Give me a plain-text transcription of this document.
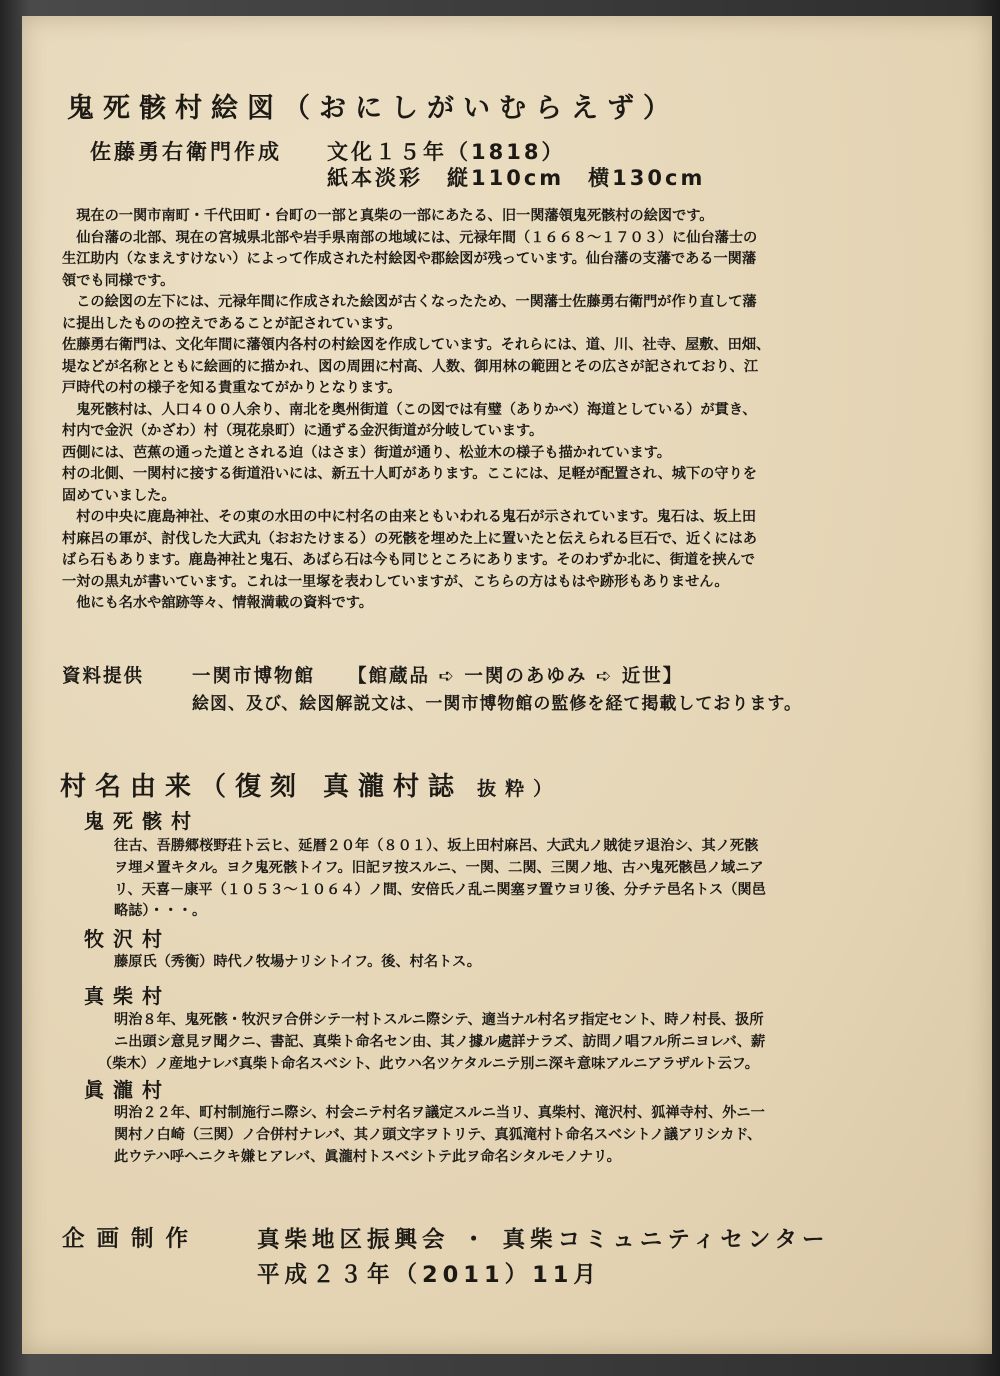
鬼死骸村絵図（おにしがいむらえず）
佐藤勇右衛門作成 文化１５年（1818）
紙本淡彩　縦110cm　横130cm

　現在の一関市南町・千代田町・台町の一部と真柴の一部にあたる、旧一関藩領鬼死骸村の絵図です。

　仙台藩の北部、現在の宮城県北部や岩手県南部の地域には、元禄年間（１６６８～１７０３）に仙台藩士の

生江助内（なまえすけない）によって作成された村絵図や郡絵図が残っています。仙台藩の支藩である一関藩

領でも同様です。

　この絵図の左下には、元禄年間に作成された絵図が古くなったため、一関藩士佐藤勇右衛門が作り直して藩

に提出したものの控えであることが記されています。

佐藤勇右衛門は、文化年間に藩領内各村の村絵図を作成しています。それらには、道、川、社寺、屋敷、田畑、

堤などが名称とともに絵画的に描かれ、図の周囲に村高、人数、御用林の範囲とその広さが記されており、江

戸時代の村の様子を知る貴重なてがかりとなります。

　鬼死骸村は、人口４００人余り、南北を奥州街道（この図では有璧（ありかべ）海道としている）が貫き、

村内で金沢（かざわ）村（現花泉町）に通ずる金沢街道が分岐しています。

西側には、芭蕉の通った道とされる迫（はさま）街道が通り、松並木の様子も描かれています。

村の北側、一関村に接する街道沿いには、新五十人町があります。ここには、足軽が配置され、城下の守りを

固めていました。

　村の中央に鹿島神社、その東の水田の中に村名の由来ともいわれる鬼石が示されています。鬼石は、坂上田

村麻呂の軍が、討伐した大武丸（おおたけまる）の死骸を埋めた上に置いたと伝えられる巨石で、近くにはあ

ばら石もあります。鹿島神社と鬼石、あばら石は今も同じところにあります。そのわずか北に、街道を挟んで

一対の黒丸が書いています。これは一里塚を表わしていますが、こちらの方はもはや跡形もありません。

　他にも名水や舘跡等々、情報満載の資料です。

資料提供	一関市博物館 【館蔵品 ➪ 一関のあゆみ ➪ 近世】
絵図、及び、絵図解説文は、一関市博物館の監修を経て掲載しております。
村名由来（復刻 真瀧村誌 抜粋）
鬼死骸村

往古、吾勝郷桜野荘ト云ヒ、延暦２０年（８０１）、坂上田村麻呂、大武丸ノ賊徒ヲ退治シ、其ノ死骸

ヲ埋メ置キタル。ヨク鬼死骸トイフ。旧記ヲ按スルニ、一関、二関、三関ノ地、古ハ鬼死骸邑ノ域ニア

リ、天喜－康平（１０５３～１０６４）ノ間、安倍氏ノ乱ニ関塞ヲ置ウヨリ後、分チテ邑名トス（関邑

略誌）・・・。

牧沢村

藤原氏（秀衡）時代ノ牧場ナリシトイフ。後、村名トス。

真柴村

明治８年、鬼死骸・牧沢ヲ合併シテ一村トスルニ際シテ、適当ナル村名ヲ指定セント、時ノ村長、扱所

ニ出頭シ意見ヲ聞クニ、書記、真柴ト命名セン由、其ノ據ル處詳ナラズ、訪問ノ唱フル所ニヨレバ、薪

（柴木）ノ産地ナレバ真柴ト命名スベシト、此ウハ名ツケタルニテ別ニ深キ意味アルニアラザルト云フ。

眞瀧村

明治２２年、町村制施行ニ際シ、村会ニテ村名ヲ議定スルニ当リ、真柴村、滝沢村、狐禅寺村、外ニ一

関村ノ白崎（三関）ノ合併村ナレバ、其ノ頭文字ヲトリテ、真狐滝村ト命名スベシトノ議アリシカド、

此ウテハ呼ヘニクキ嫌ヒアレバ、眞瀧村トスベシトテ此ヲ命名シタルモノナリ。

企画制作	真柴地区振興会 ・ 真柴コミュニティセンター
平成２３年（2011）11月
